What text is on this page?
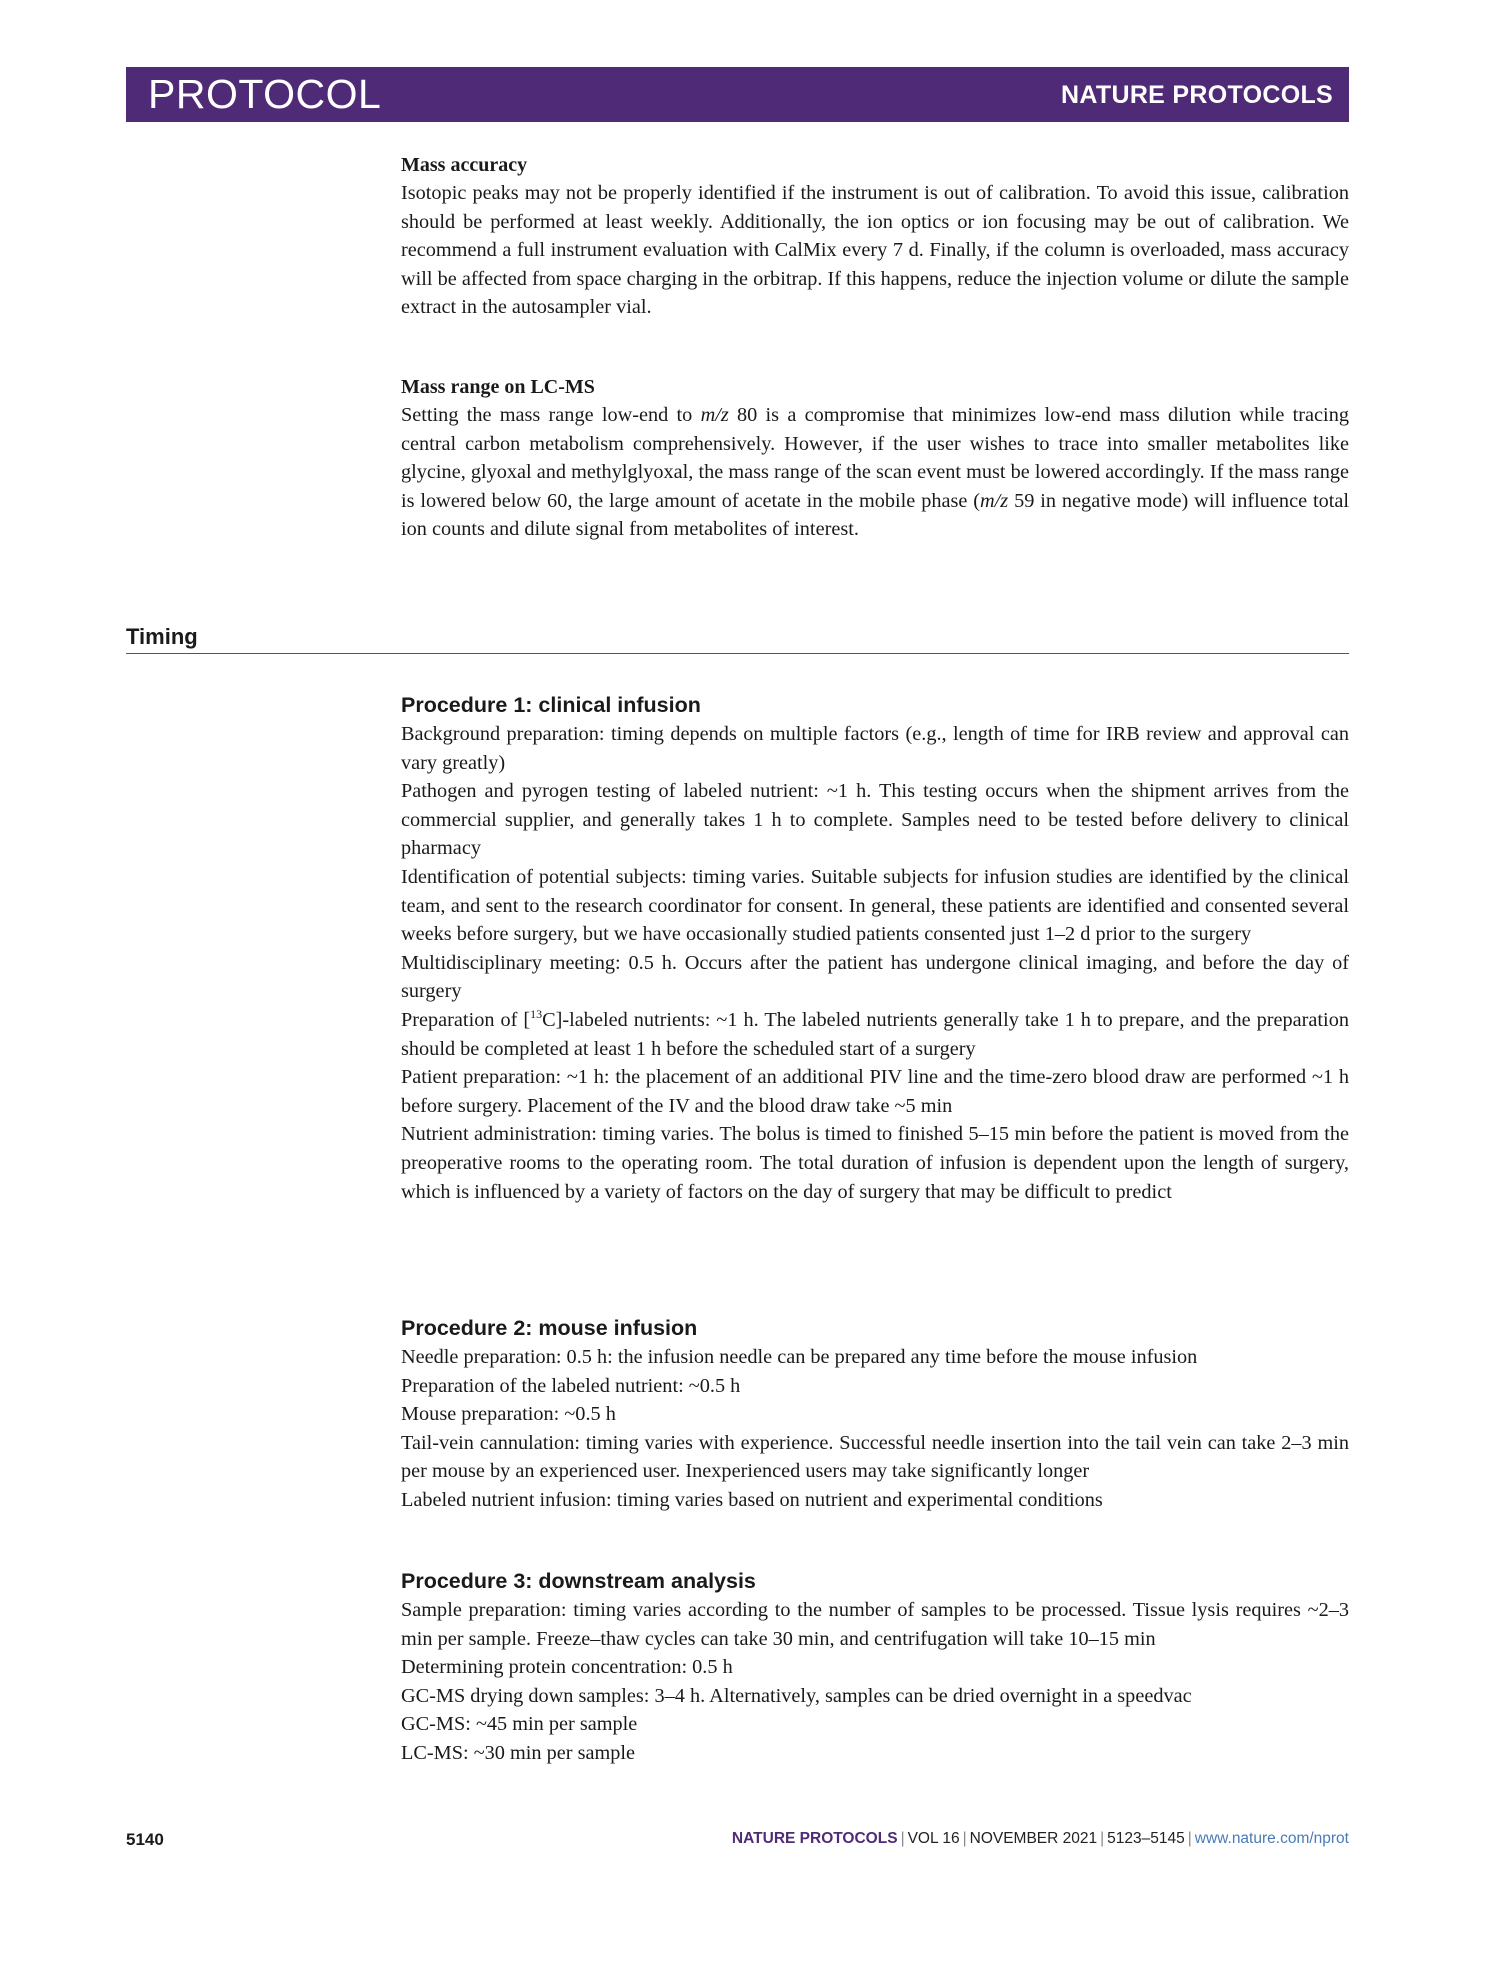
PROTOCOL	NATURE PROTOCOLS

Mass accuracy

Isotopic peaks may not be properly identified if the instrument is out of calibration. To avoid this issue, calibration should be performed at least weekly. Additionally, the ion optics or ion focusing may be out of calibration. We recommend a full instrument evaluation with CalMix every 7 d. Finally, if the column is overloaded, mass accuracy will be affected from space charging in the orbitrap. If this happens, reduce the injection volume or dilute the sample extract in the autosampler vial.

Mass range on LC-MS

Setting the mass range low-end to m/z 80 is a compromise that minimizes low-end mass dilution while tracing central carbon metabolism comprehensively. However, if the user wishes to trace into smaller metabolites like glycine, glyoxal and methylglyoxal, the mass range of the scan event must be lowered accordingly. If the mass range is lowered below 60, the large amount of acetate in the mobile phase (m/z 59 in negative mode) will influence total ion counts and dilute signal from metabolites of interest.

Timing

Procedure 1: clinical infusion

Background preparation: timing depends on multiple factors (e.g., length of time for IRB review and approval can vary greatly)

Pathogen and pyrogen testing of labeled nutrient: ~1 h. This testing occurs when the shipment arrives from the commercial supplier, and generally takes 1 h to complete. Samples need to be tested before delivery to clinical pharmacy

Identification of potential subjects: timing varies. Suitable subjects for infusion studies are identified by the clinical team, and sent to the research coordinator for consent. In general, these patients are identified and consented several weeks before surgery, but we have occasionally studied patients consented just 1–2 d prior to the surgery

Multidisciplinary meeting: 0.5 h. Occurs after the patient has undergone clinical imaging, and before the day of surgery

Preparation of [$^{13}$C]-labeled nutrients: ~1 h. The labeled nutrients generally take 1 h to prepare, and the preparation should be completed at least 1 h before the scheduled start of a surgery

Patient preparation: ~1 h: the placement of an additional PIV line and the time-zero blood draw are performed ~1 h before surgery. Placement of the IV and the blood draw take ~5 min

Nutrient administration: timing varies. The bolus is timed to finished 5–15 min before the patient is moved from the preoperative rooms to the operating room. The total duration of infusion is dependent upon the length of surgery, which is influenced by a variety of factors on the day of surgery that may be difficult to predict

Procedure 2: mouse infusion

Needle preparation: 0.5 h: the infusion needle can be prepared any time before the mouse infusion

Preparation of the labeled nutrient: ~0.5 h

Mouse preparation: ~0.5 h

Tail-vein cannulation: timing varies with experience. Successful needle insertion into the tail vein can take 2–3 min per mouse by an experienced user. Inexperienced users may take significantly longer

Labeled nutrient infusion: timing varies based on nutrient and experimental conditions

Procedure 3: downstream analysis

Sample preparation: timing varies according to the number of samples to be processed. Tissue lysis requires ~2–3 min per sample. Freeze–thaw cycles can take 30 min, and centrifugation will take 10–15 min

Determining protein concentration: 0.5 h

GC-MS drying down samples: 3–4 h. Alternatively, samples can be dried overnight in a speedvac

GC-MS: ~45 min per sample

LC-MS: ~30 min per sample

5140	NATURE PROTOCOLS | VOL 16 | NOVEMBER 2021 | 5123–5145 | www.nature.com/nprot
